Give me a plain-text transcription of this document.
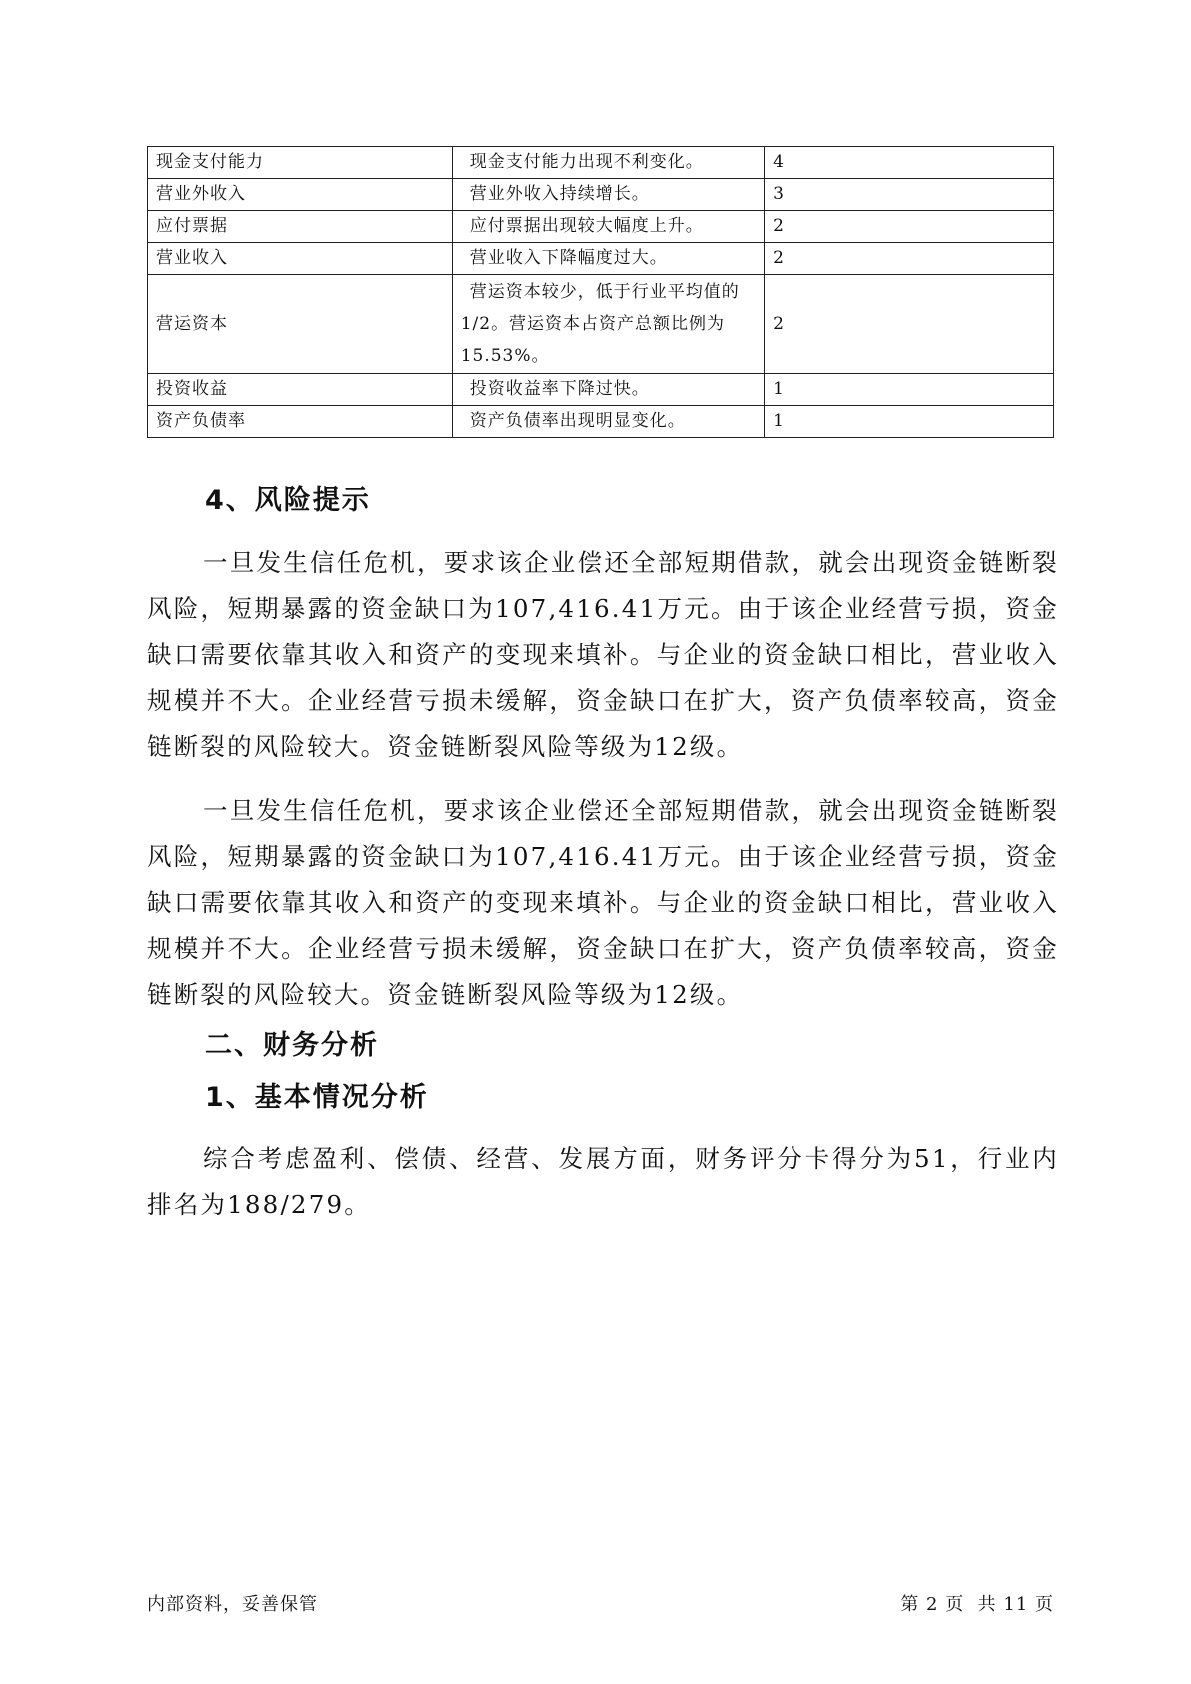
现金支付能力	现金支付能力出现不利变化。	4
营业外收入	营业外收入持续增长。	3
应付票据	应付票据出现较大幅度上升。	2
营业收入	营业收入下降幅度过大。	2
营运资本	营运资本较少，低于行业平均值的1/2。营运资本占资产总额比例为15.53%。	2
投资收益	投资收益率下降过快。	1
资产负债率	资产负债率出现明显变化。	1
4、风险提示

一旦发生信任危机，要求该企业偿还全部短期借款，就会出现资金链断裂风险，短期暴露的资金缺口为107,416.41万元。由于该企业经营亏损，资金缺口需要依靠其收入和资产的变现来填补。与企业的资金缺口相比，营业收入规模并不大。企业经营亏损未缓解，资金缺口在扩大，资产负债率较高，资金链断裂的风险较大。资金链断裂风险等级为12级。

一旦发生信任危机，要求该企业偿还全部短期借款，就会出现资金链断裂风险，短期暴露的资金缺口为107,416.41万元。由于该企业经营亏损，资金缺口需要依靠其收入和资产的变现来填补。与企业的资金缺口相比，营业收入规模并不大。企业经营亏损未缓解，资金缺口在扩大，资产负债率较高，资金链断裂的风险较大。资金链断裂风险等级为12级。

二、财务分析
1、基本情况分析

综合考虑盈利、偿债、经营、发展方面，财务评分卡得分为51，行业内排名为188/279。

内部资料，妥善保管	第 2 页  共 11 页
